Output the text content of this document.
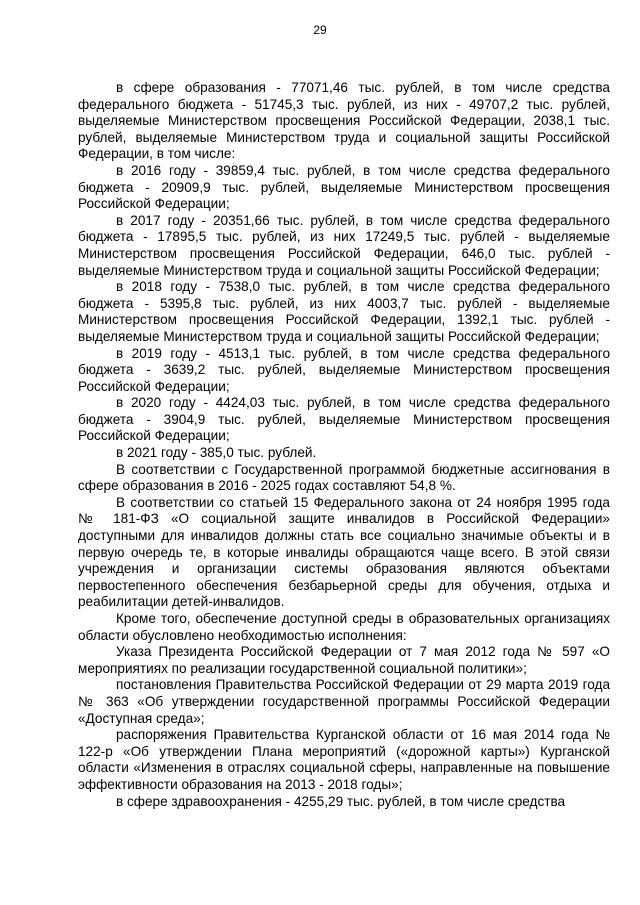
29

в сфере образования - 77071,46 тыс. рублей, в том числе средства федерального бюджета - 51745,3 тыс. рублей, из них - 49707,2 тыс. рублей, выделяемые Министерством просвещения Российской Федерации, 2038,1 тыс. рублей, выделяемые Министерством труда и социальной защиты Российской Федерации, в том числе:

в 2016 году - 39859,4 тыс. рублей, в том числе средства федерального бюджета - 20909,9 тыс. рублей, выделяемые Министерством просвещения Российской Федерации;

в 2017 году - 20351,66 тыс. рублей, в том числе средства федерального бюджета - 17895,5 тыс. рублей, из них 17249,5 тыс. рублей - выделяемые Министерством просвещения Российской Федерации, 646,0 тыс. рублей - выделяемые Министерством труда и социальной защиты Российской Федерации;

в 2018 году - 7538,0 тыс. рублей, в том числе средства федерального бюджета - 5395,8 тыс. рублей, из них 4003,7 тыс. рублей - выделяемые Министерством просвещения Российской Федерации, 1392,1 тыс. рублей - выделяемые Министерством труда и социальной защиты Российской Федерации;

в 2019 году - 4513,1 тыс. рублей, в том числе средства федерального бюджета - 3639,2 тыс. рублей, выделяемые Министерством просвещения Российской Федерации;

в 2020 году - 4424,03 тыс. рублей, в том числе средства федерального бюджета - 3904,9 тыс. рублей, выделяемые Министерством просвещения Российской Федерации;

в 2021 году - 385,0 тыс. рублей.

В соответствии с Государственной программой бюджетные ассигнования в сфере образования в 2016 - 2025 годах составляют 54,8 %.

В соответствии со статьей 15 Федерального закона от 24 ноября 1995 года № 181-ФЗ «О социальной защите инвалидов в Российской Федерации» доступными для инвалидов должны стать все социально значимые объекты и в первую очередь те, в которые инвалиды обращаются чаще всего. В этой связи учреждения и организации системы образования являются объектами первостепенного обеспечения безбарьерной среды для обучения, отдыха и реабилитации детей-инвалидов.

Кроме того, обеспечение доступной среды в образовательных организациях области обусловлено необходимостью исполнения:

Указа Президента Российской Федерации от 7 мая 2012 года № 597 «О мероприятиях по реализации государственной социальной политики»;

постановления Правительства Российской Федерации от 29 марта 2019 года № 363 «Об утверждении государственной программы Российской Федерации «Доступная среда»;

распоряжения Правительства Курганской области от 16 мая 2014 года № 122-р «Об утверждении Плана мероприятий («дорожной карты») Курганской области «Изменения в отраслях социальной сферы, направленные на повышение эффективности образования на 2013 - 2018 годы»;

в сфере здравоохранения - 4255,29 тыс. рублей, в том числе средства
